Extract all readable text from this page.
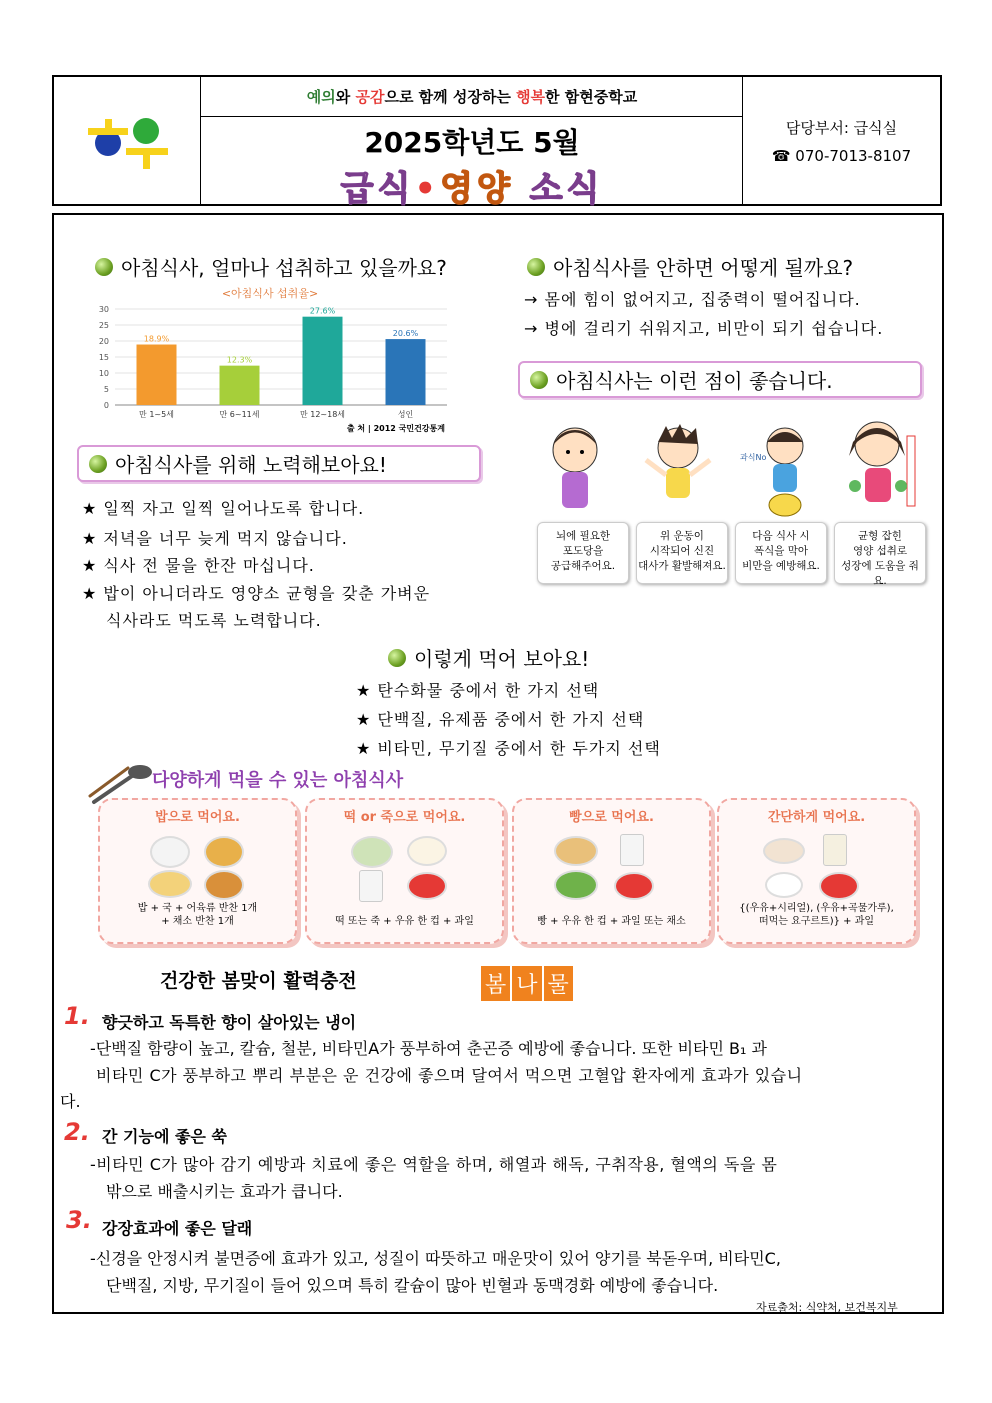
예의와 공감으로 함께 성장하는 행복한 함현중학교
2025학년도 5월
급식•영양 소식
담당부서: 급식실
☎ 070-7013-8107
아침식사, 얼마나 섭취하고 있을까요?
<아침식사 섭취율>
0
5
10
15
20
25
30
18.9%
만 1~5세
12.3%
만 6~11세
27.6%
만 12~18세
20.6%
성인
출 처 | 2012 국민건강통계
아침식사를 안하면 어떻게 될까요?
→ 몸에 힘이 없어지고, 집중력이 떨어집니다.
→ 병에 걸리기 쉬워지고, 비만이 되기 쉽습니다.
아침식사는 이런 점이 좋습니다.
과식No
뇌에 필요한
포도당을
공급해주어요.
위 운동이
시작되어 신진
대사가 활발해져요.
다음 식사 시
폭식을 막아
비만을 예방해요.
균형 잡힌
영양 섭취로
성장에 도움을 줘요.
아침식사를 위해 노력해보아요!
★ 일찍 자고 일찍 일어나도록 합니다.
★ 저녁을 너무 늦게 먹지 않습니다.
★ 식사 전 물을 한잔 마십니다.
★ 밥이 아니더라도 영양소 균형을 갖춘 가벼운
식사라도 먹도록 노력합니다.
이렇게 먹어 보아요!
★ 탄수화물 중에서 한 가지 선택
★ 단백질, 유제품 중에서 한 가지 선택
★ 비타민, 무기질 중에서 한 두가지 선택
다양하게 먹을 수 있는 아침식사
밥으로 먹어요.
밥 + 국 + 어육류 반찬 1개
+ 채소 반찬 1개
떡 or 죽으로 먹어요.
떡 또는 죽 + 우유 한 컵 + 과일
빵으로 먹어요.
빵 + 우유 한 컵 + 과일 또는 채소
간단하게 먹어요.
{(우유+시리얼), (우유+곡물가루),
떠먹는 요구르트)} + 과일
건강한 봄맞이 활력충전	봄 나 물
1. 향긋하고 독특한 향이 살아있는 냉이
-단백질 함량이 높고, 칼슘, 철분, 비타민A가 풍부하여 춘곤증 예방에 좋습니다. 또한 비타민 B₁ 과
비타민 C가 풍부하고 뿌리 부분은 운 건강에 좋으며 달여서 먹으면 고혈압 환자에게 효과가 있습니
다.
2. 간 기능에 좋은 쑥
-비타민 C가 많아 감기 예방과 치료에 좋은 역할을 하며, 해열과 해독, 구취작용, 혈액의 독을 몸
밖으로 배출시키는 효과가 큽니다.
3. 강장효과에 좋은 달래
-신경을 안정시켜 불면증에 효과가 있고, 성질이 따뜻하고 매운맛이 있어 양기를 북돋우며, 비타민C,
단백질, 지방, 무기질이 들어 있으며 특히 칼슘이 많아 빈혈과 동맥경화 예방에 좋습니다.
자료출처: 식약처, 보건복지부
